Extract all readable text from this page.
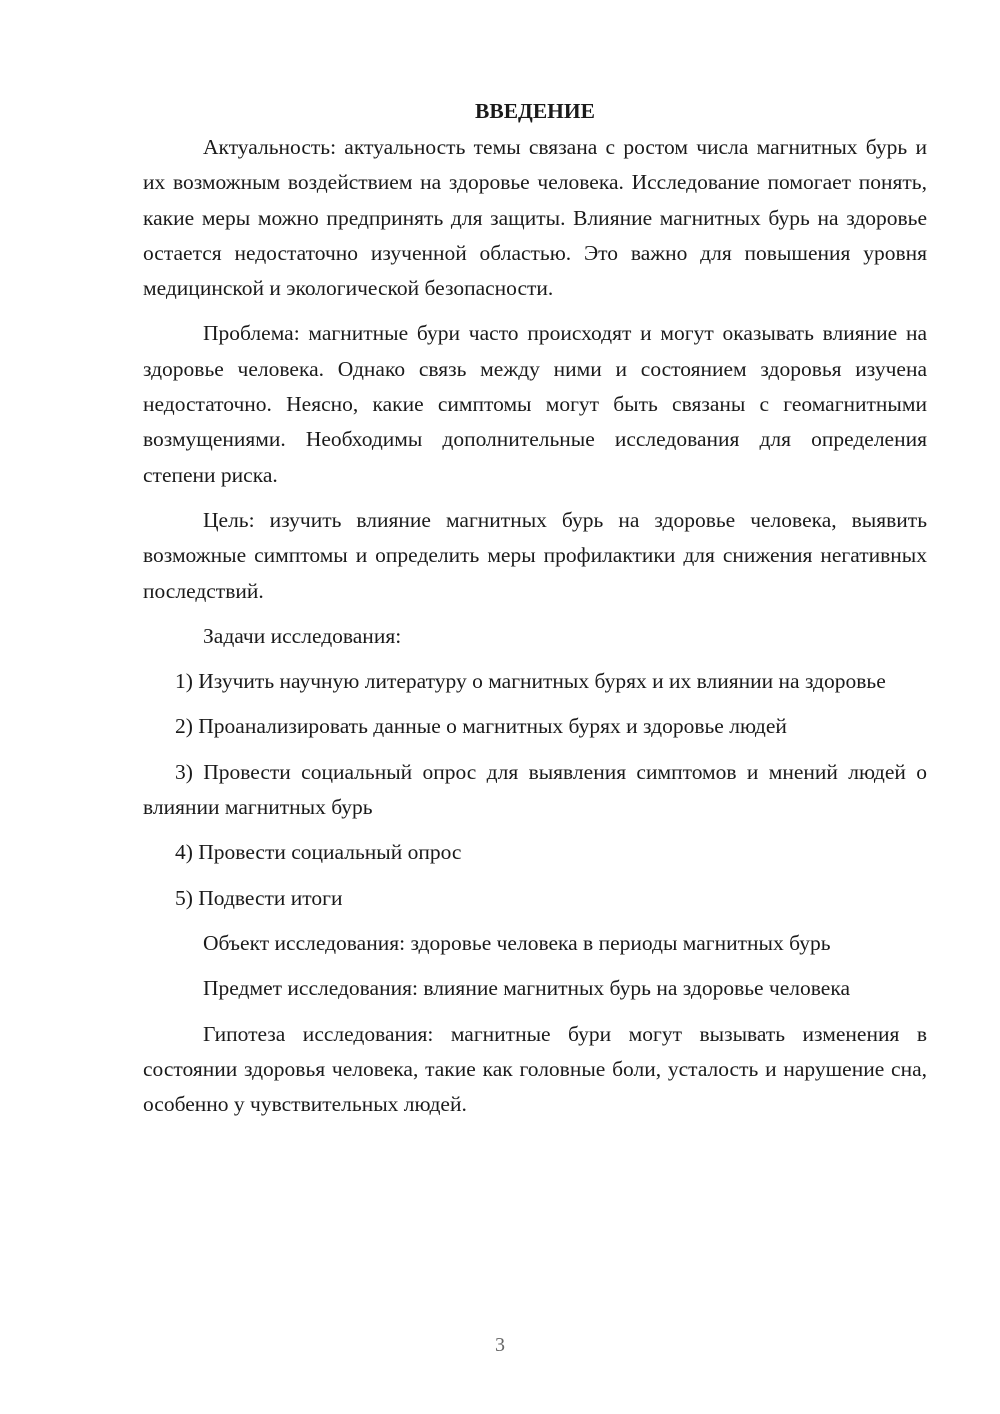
ВВЕДЕНИЕ

Актуальность: актуальность темы связана с ростом числа магнитных бурь и их возможным воздействием на здоровье человека. Исследование помогает понять, какие меры можно предпринять для защиты. Влияние магнитных бурь на здоровье остается недостаточно изученной областью. Это важно для повышения уровня медицинской и экологической безопасности.

Проблема: магнитные бури часто происходят и могут оказывать влияние на здоровье человека. Однако связь между ними и состоянием здоровья изучена недостаточно. Неясно, какие симптомы могут быть связаны с геомагнитными возмущениями. Необходимы дополнительные исследования для определения степени риска.

Цель: изучить влияние магнитных бурь на здоровье человека, выявить возможные симптомы и определить меры профилактики для снижения негативных последствий.

Задачи исследования:

1) Изучить научную литературу о магнитных бурях и их влиянии на здоровье

2) Проанализировать данные о магнитных бурях и здоровье людей

3) Провести социальный опрос для выявления симптомов и мнений людей о влиянии магнитных бурь

4) Провести социальный опрос

5) Подвести итоги

Объект исследования: здоровье человека в периоды магнитных бурь

Предмет исследования: влияние магнитных бурь на здоровье человека

Гипотеза исследования: магнитные бури могут вызывать изменения в состоянии здоровья человека, такие как головные боли, усталость и нарушение сна, особенно у чувствительных людей.

3
